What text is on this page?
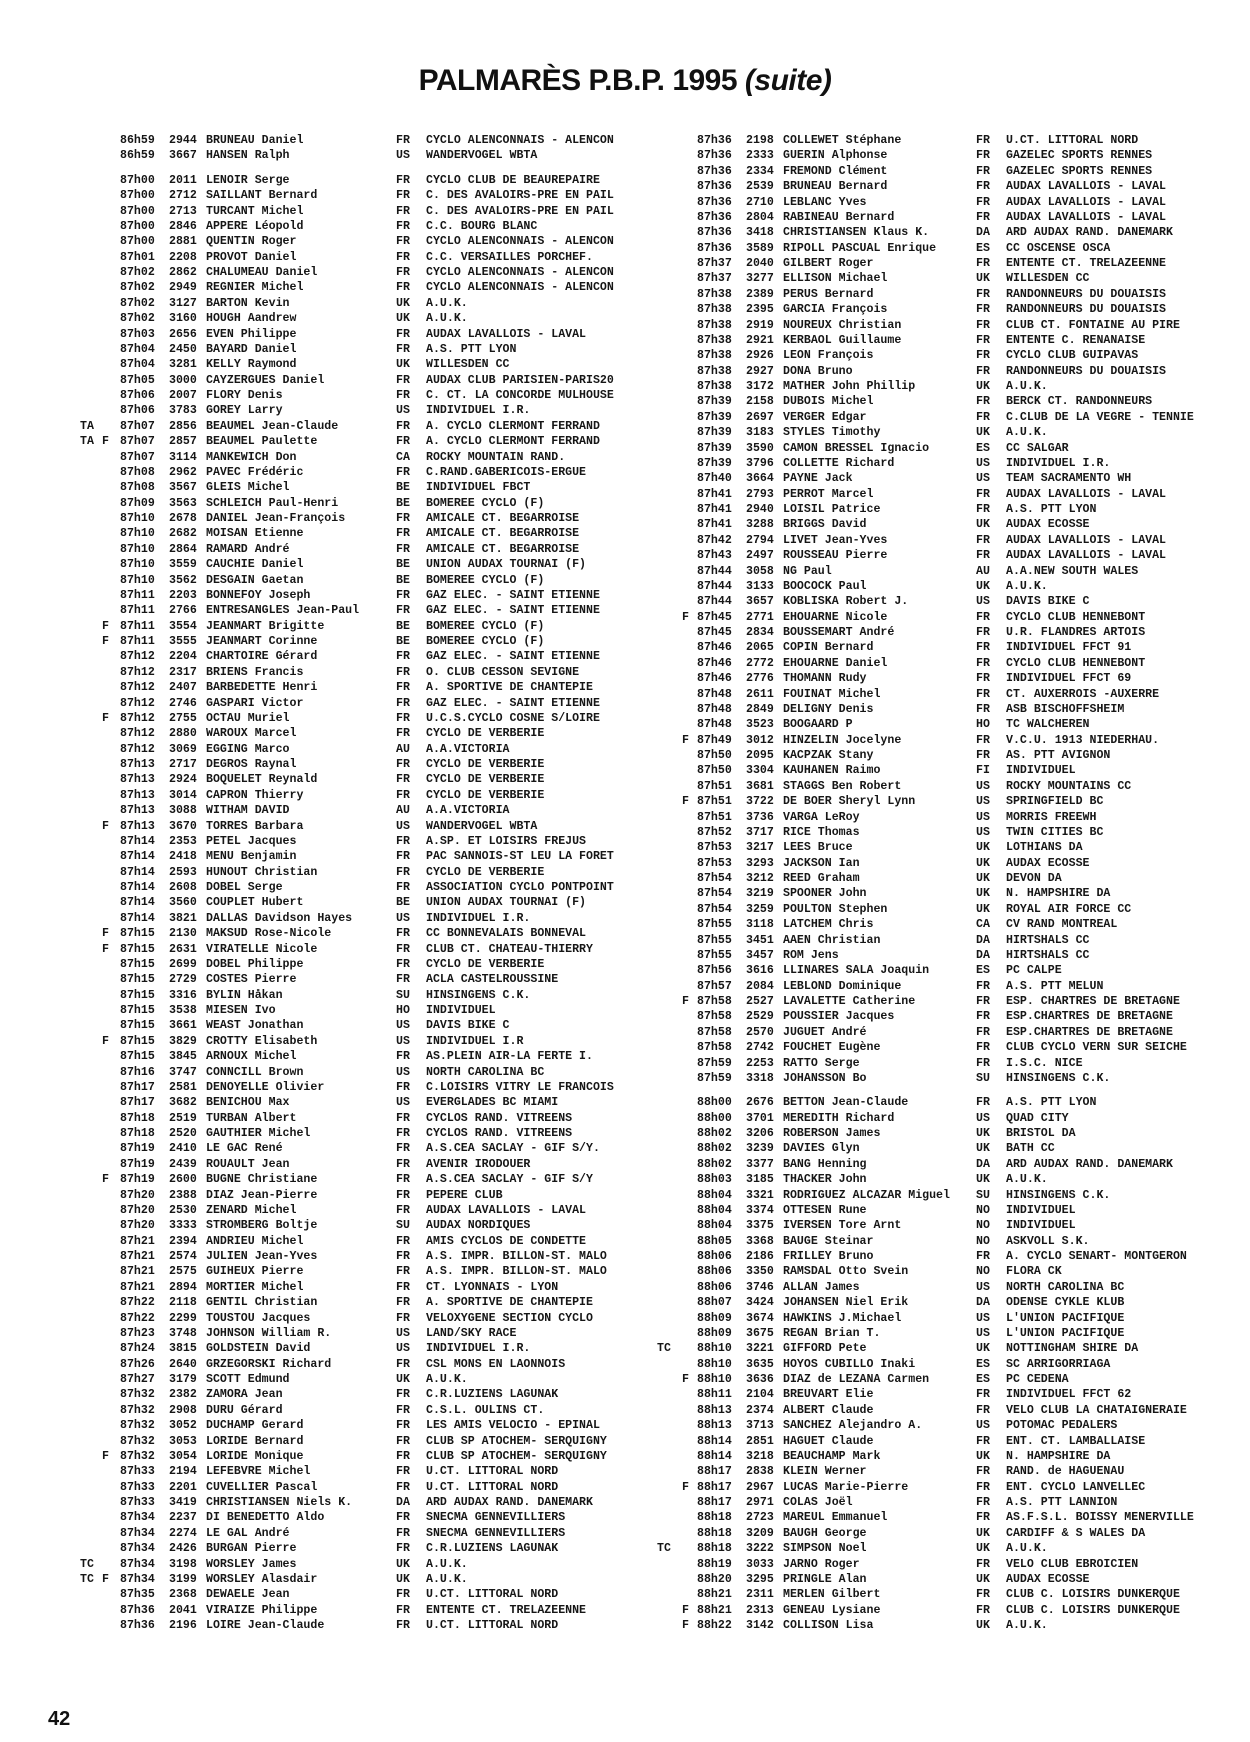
PALMARÈS P.B.P. 1995 (suite)
86h59 2944 BRUNEAU Daniel	FR CYCLO ALENCONNAIS - ALENCON
86h59 3667 HANSEN Ralph	US WANDERVOGEL WBTA
87h00 2011 LENOIR Serge	FR CYCLO CLUB DE BEAUREPAIRE
87h00 2712 SAILLANT Bernard	FR C. DES AVALOIRS-PRE EN PAIL
87h00 2713 TURCANT Michel	FR C. DES AVALOIRS-PRE EN PAIL
87h00 2846 APPERE Léopold	FR C.C. BOURG BLANC
87h00 2881 QUENTIN Roger	FR CYCLO ALENCONNAIS - ALENCON
87h01 2208 PROVOT Daniel	FR C.C. VERSAILLES PORCHEF.
87h02 2862 CHALUMEAU Daniel	FR CYCLO ALENCONNAIS - ALENCON
87h02 2949 REGNIER Michel	FR CYCLO ALENCONNAIS - ALENCON
87h02 3127 BARTON Kevin	UK A.U.K.
87h02 3160 HOUGH Aandrew	UK A.U.K.
87h03 2656 EVEN Philippe	FR AUDAX LAVALLOIS - LAVAL
87h04 2450 BAYARD Daniel	FR A.S. PTT LYON
87h04 3281 KELLY Raymond	UK WILLESDEN CC
87h05 3000 CAYZERGUES Daniel	FR AUDAX CLUB PARISIEN-PARIS20
87h06 2007 FLORY Denis	FR C. CT. LA CONCORDE MULHOUSE
87h06 3783 GOREY Larry	US INDIVIDUEL I.R.
TA 87h07 2856 BEAUMEL Jean-Claude	FR A. CYCLO CLERMONT FERRAND
TA F 87h07 2857 BEAUMEL Paulette	FR A. CYCLO CLERMONT FERRAND
87h07 3114 MANKEWICH Don	CA ROCKY MOUNTAIN RAND.
87h08 2962 PAVEC Frédéric	FR C.RAND.GABERICOIS-ERGUE
87h08 3567 GLEIS Michel	BE INDIVIDUEL FBCT
87h09 3563 SCHLEICH Paul-Henri	BE BOMEREE CYCLO (F)
87h10 2678 DANIEL Jean-François	FR AMICALE CT. BEGARROISE
87h10 2682 MOISAN Etienne	FR AMICALE CT. BEGARROISE
87h10 2864 RAMARD André	FR AMICALE CT. BEGARROISE
87h10 3559 CAUCHIE Daniel	BE UNION AUDAX TOURNAI (F)
87h10 3562 DESGAIN Gaetan	BE BOMEREE CYCLO (F)
87h11 2203 BONNEFOY Joseph	FR GAZ ELEC. - SAINT ETIENNE
87h11 2766 ENTRESANGLES Jean-Paul	FR GAZ ELEC. - SAINT ETIENNE
F 87h11 3554 JEANMART Brigitte	BE BOMEREE CYCLO (F)
F 87h11 3555 JEANMART Corinne	BE BOMEREE CYCLO (F)
87h12 2204 CHARTOIRE Gérard	FR GAZ ELEC. - SAINT ETIENNE
87h12 2317 BRIENS Francis	FR O. CLUB CESSON SEVIGNE
87h12 2407 BARBEDETTE Henri	FR A. SPORTIVE DE CHANTEPIE
87h12 2746 GASPARI Victor	FR GAZ ELEC. - SAINT ETIENNE
F 87h12 2755 OCTAU Muriel	FR U.C.S.CYCLO COSNE S/LOIRE
87h12 2880 WAROUX Marcel	FR CYCLO DE VERBERIE
87h12 3069 EGGING Marco	AU A.A.VICTORIA
87h13 2717 DEGROS Raynal	FR CYCLO DE VERBERIE
87h13 2924 BOQUELET Reynald	FR CYCLO DE VERBERIE
87h13 3014 CAPRON Thierry	FR CYCLO DE VERBERIE
87h13 3088 WITHAM DAVID	AU A.A.VICTORIA
F 87h13 3670 TORRES Barbara	US WANDERVOGEL WBTA
87h14 2353 PETEL Jacques	FR A.SP. ET LOISIRS FREJUS
87h14 2418 MENU Benjamin	FR PAC SANNOIS-ST LEU LA FORET
87h14 2593 HUNOUT Christian	FR CYCLO DE VERBERIE
87h14 2608 DOBEL Serge	FR ASSOCIATION CYCLO PONTPOINT
87h14 3560 COUPLET Hubert	BE UNION AUDAX TOURNAI (F)
87h14 3821 DALLAS Davidson Hayes	US INDIVIDUEL I.R.
F 87h15 2130 MAKSUD Rose-Nicole	FR CC BONNEVALAIS BONNEVAL
F 87h15 2631 VIRATELLE Nicole	FR CLUB CT. CHATEAU-THIERRY
87h15 2699 DOBEL Philippe	FR CYCLO DE VERBERIE
87h15 2729 COSTES Pierre	FR ACLA CASTELROUSSINE
87h15 3316 BYLIN Håkan	SU HINSINGENS C.K.
87h15 3538 MIESEN Ivo	HO INDIVIDUEL
87h15 3661 WEAST Jonathan	US DAVIS BIKE C
F 87h15 3829 CROTTY Elisabeth	US INDIVIDUEL I.R
87h15 3845 ARNOUX Michel	FR AS.PLEIN AIR-LA FERTE I.
87h16 3747 CONNCILL Brown	US NORTH CAROLINA BC
87h17 2581 DENOYELLE Olivier	FR C.LOISIRS VITRY LE FRANCOIS
87h17 3682 BENICHOU Max	US EVERGLADES BC MIAMI
87h18 2519 TURBAN Albert	FR CYCLOS RAND. VITREENS
87h18 2520 GAUTHIER Michel	FR CYCLOS RAND. VITREENS
87h19 2410 LE GAC René	FR A.S.CEA SACLAY - GIF S/Y.
87h19 2439 ROUAULT Jean	FR AVENIR IRODOUER
F 87h19 2600 BUGNE Christiane	FR A.S.CEA SACLAY - GIF S/Y
87h20 2388 DIAZ Jean-Pierre	FR PEPERE CLUB
87h20 2530 ZENARD Michel	FR AUDAX LAVALLOIS - LAVAL
87h20 3333 STROMBERG Boltje	SU AUDAX NORDIQUES
87h21 2394 ANDRIEU Michel	FR AMIS CYCLOS DE CONDETTE
87h21 2574 JULIEN Jean-Yves	FR A.S. IMPR. BILLON-ST. MALO
87h21 2575 GUIHEUX Pierre	FR A.S. IMPR. BILLON-ST. MALO
87h21 2894 MORTIER Michel	FR CT. LYONNAIS - LYON
87h22 2118 GENTIL Christian	FR A. SPORTIVE DE CHANTEPIE
87h22 2299 TOUSTOU Jacques	FR VELOXYGENE SECTION CYCLO
87h23 3748 JOHNSON William R.	US LAND/SKY RACE
87h24 3815 GOLDSTEIN David	US INDIVIDUEL I.R.
87h26 2640 GRZEGORSKI Richard	FR CSL MONS EN LAONNOIS
87h27 3179 SCOTT Edmund	UK A.U.K.
87h32 2382 ZAMORA Jean	FR C.R.LUZIENS LAGUNAK
87h32 2908 DURU Gérard	FR C.S.L. OULINS CT.
87h32 3052 DUCHAMP Gerard	FR LES AMIS VELOCIO - EPINAL
87h32 3053 LORIDE Bernard	FR CLUB SP ATOCHEM- SERQUIGNY
F 87h32 3054 LORIDE Monique	FR CLUB SP ATOCHEM- SERQUIGNY
87h33 2194 LEFEBVRE Michel	FR U.CT. LITTORAL NORD
87h33 2201 CUVELLIER Pascal	FR U.CT. LITTORAL NORD
87h33 3419 CHRISTIANSEN Niels K.	DA ARD AUDAX RAND. DANEMARK
87h34 2237 DI BENEDETTO Aldo	FR SNECMA GENNEVILLIERS
87h34 2274 LE GAL André	FR SNECMA GENNEVILLIERS
87h34 2426 BURGAN Pierre	FR C.R.LUZIENS LAGUNAK
TC 87h34 3198 WORSLEY James	UK A.U.K.
TC F 87h34 3199 WORSLEY Alasdair	UK A.U.K.
87h35 2368 DEWAELE Jean	FR U.CT. LITTORAL NORD
87h36 2041 VIRAIZE Philippe	FR ENTENTE CT. TRELAZEENNE
87h36 2196 LOIRE Jean-Claude	FR U.CT. LITTORAL NORD
87h36 2198 COLLEWET Stéphane	FR U.CT. LITTORAL NORD
87h36 2333 GUERIN Alphonse	FR GAZELEC SPORTS RENNES
87h36 2334 FREMOND Clément	FR GAZELEC SPORTS RENNES
87h36 2539 BRUNEAU Bernard	FR AUDAX LAVALLOIS - LAVAL
87h36 2710 LEBLANC Yves	FR AUDAX LAVALLOIS - LAVAL
87h36 2804 RABINEAU Bernard	FR AUDAX LAVALLOIS - LAVAL
87h36 3418 CHRISTIANSEN Klaus K.	DA ARD AUDAX RAND. DANEMARK
87h36 3589 RIPOLL PASCUAL Enrique	ES CC OSCENSE OSCA
87h37 2040 GILBERT Roger	FR ENTENTE CT. TRELAZEENNE
87h37 3277 ELLISON Michael	UK WILLESDEN CC
87h38 2389 PERUS Bernard	FR RANDONNEURS DU DOUAISIS
87h38 2395 GARCIA François	FR RANDONNEURS DU DOUAISIS
87h38 2919 NOUREUX Christian	FR CLUB CT. FONTAINE AU PIRE
87h38 2921 KERBAOL Guillaume	FR ENTENTE C. RENANAISE
87h38 2926 LEON François	FR CYCLO CLUB GUIPAVAS
87h38 2927 DONA Bruno	FR RANDONNEURS DU DOUAISIS
87h38 3172 MATHER John Phillip	UK A.U.K.
87h39 2158 DUBOIS Michel	FR BERCK CT. RANDONNEURS
87h39 2697 VERGER Edgar	FR C.CLUB DE LA VEGRE - TENNIE
87h39 3183 STYLES Timothy	UK A.U.K.
87h39 3590 CAMON BRESSEL Ignacio	ES CC SALGAR
87h39 3796 COLLETTE Richard	US INDIVIDUEL I.R.
87h40 3664 PAYNE Jack	US TEAM SACRAMENTO WH
87h41 2793 PERROT Marcel	FR AUDAX LAVALLOIS - LAVAL
87h41 2940 LOISIL Patrice	FR A.S. PTT LYON
87h41 3288 BRIGGS David	UK AUDAX ECOSSE
87h42 2794 LIVET Jean-Yves	FR AUDAX LAVALLOIS - LAVAL
87h43 2497 ROUSSEAU Pierre	FR AUDAX LAVALLOIS - LAVAL
87h44 3058 NG Paul	AU A.A.NEW SOUTH WALES
87h44 3133 BOOCOCK Paul	UK A.U.K.
87h44 3657 KOBLISKA Robert J.	US DAVIS BIKE C
F 87h45 2771 EHOUARNE Nicole	FR CYCLO CLUB HENNEBONT
87h45 2834 BOUSSEMART André	FR U.R. FLANDRES ARTOIS
87h46 2065 COPIN Bernard	FR INDIVIDUEL FFCT 91
87h46 2772 EHOUARNE Daniel	FR CYCLO CLUB HENNEBONT
87h46 2776 THOMANN Rudy	FR INDIVIDUEL FFCT 69
87h48 2611 FOUINAT Michel	FR CT. AUXERROIS -AUXERRE
87h48 2849 DELIGNY Denis	FR ASB BISCHOFFSHEIM
87h48 3523 BOOGAARD P	HO TC WALCHEREN
F 87h49 3012 HINZELIN Jocelyne	FR V.C.U. 1913 NIEDERHAU.
87h50 2095 KACPZAK Stany	FR AS. PTT AVIGNON
87h50 3304 KAUHANEN Raimo	FI INDIVIDUEL
87h51 3681 STAGGS Ben Robert	US ROCKY MOUNTAINS CC
F 87h51 3722 DE BOER Sheryl Lynn	US SPRINGFIELD BC
87h51 3736 VARGA LeRoy	US MORRIS FREEWH
87h52 3717 RICE Thomas	US TWIN CITIES BC
87h53 3217 LEES Bruce	UK LOTHIANS DA
87h53 3293 JACKSON Ian	UK AUDAX ECOSSE
87h54 3212 REED Graham	UK DEVON DA
87h54 3219 SPOONER John	UK N. HAMPSHIRE DA
87h54 3259 POULTON Stephen	UK ROYAL AIR FORCE CC
87h55 3118 LATCHEM Chris	CA CV RAND MONTREAL
87h55 3451 AAEN Christian	DA HIRTSHALS CC
87h55 3457 ROM Jens	DA HIRTSHALS CC
87h56 3616 LLINARES SALA Joaquin	ES PC CALPE
87h57 2084 LEBLOND Dominique	FR A.S. PTT MELUN
F 87h58 2527 LAVALETTE Catherine	FR ESP. CHARTRES DE BRETAGNE
87h58 2529 POUSSIER Jacques	FR ESP.CHARTRES DE BRETAGNE
87h58 2570 JUGUET André	FR ESP.CHARTRES DE BRETAGNE
87h58 2742 FOUCHET Eugène	FR CLUB CYCLO VERN SUR SEICHE
87h59 2253 RATTO Serge	FR I.S.C. NICE
87h59 3318 JOHANSSON Bo	SU HINSINGENS C.K.
88h00 2676 BETTON Jean-Claude	FR A.S. PTT LYON
88h00 3701 MEREDITH Richard	US QUAD CITY
88h02 3206 ROBERSON James	UK BRISTOL DA
88h02 3239 DAVIES Glyn	UK BATH CC
88h02 3377 BANG Henning	DA ARD AUDAX RAND. DANEMARK
88h03 3185 THACKER John	UK A.U.K.
88h04 3321 RODRIGUEZ ALCAZAR Miguel SU HINSINGENS C.K.
88h04 3374 OTTESEN Rune	NO INDIVIDUEL
88h04 3375 IVERSEN Tore Arnt	NO INDIVIDUEL
88h05 3368 BAUGE Steinar	NO ASKVOLL S.K.
88h06 2186 FRILLEY Bruno	FR A. CYCLO SENART- MONTGERON
88h06 3350 RAMSDAL Otto Svein	NO FLORA CK
88h06 3746 ALLAN James	US NORTH CAROLINA BC
88h07 3424 JOHANSEN Niel Erik	DA ODENSE CYKLE KLUB
88h09 3674 HAWKINS J.Michael	US L'UNION PACIFIQUE
88h09 3675 REGAN Brian T.	US L'UNION PACIFIQUE
TC 88h10 3221 GIFFORD Pete	UK NOTTINGHAM SHIRE DA
88h10 3635 HOYOS CUBILLO Inaki	ES SC ARRIGORRIAGA
F 88h10 3636 DIAZ de LEZANA Carmen	ES PC CEDENA
88h11 2104 BREUVART Elie	FR INDIVIDUEL FFCT 62
88h13 2374 ALBERT Claude	FR VELO CLUB LA CHATAIGNERAIE
88h13 3713 SANCHEZ Alejandro A.	US POTOMAC PEDALERS
88h14 2851 HAGUET Claude	FR ENT. CT. LAMBALLAISE
88h14 3218 BEAUCHAMP Mark	UK N. HAMPSHIRE DA
88h17 2838 KLEIN Werner	FR RAND. de HAGUENAU
F 88h17 2967 LUCAS Marie-Pierre	FR ENT. CYCLO LANVELLEC
88h17 2971 COLAS Joël	FR A.S. PTT LANNION
88h18 2723 MAREUL Emmanuel	FR AS.F.S.L. BOISSY MENERVILLE
88h18 3209 BAUGH George	UK CARDIFF & S WALES DA
TC 88h18 3222 SIMPSON Noel	UK A.U.K.
88h19 3033 JARNO Roger	FR VELO CLUB EBROICIEN
88h20 3295 PRINGLE Alan	UK AUDAX ECOSSE
88h21 2311 MERLEN Gilbert	FR CLUB C. LOISIRS DUNKERQUE
F 88h21 2313 GENEAU Lysiane	FR CLUB C. LOISIRS DUNKERQUE
F 88h22 3142 COLLISON Lisa	UK A.U.K.
42
